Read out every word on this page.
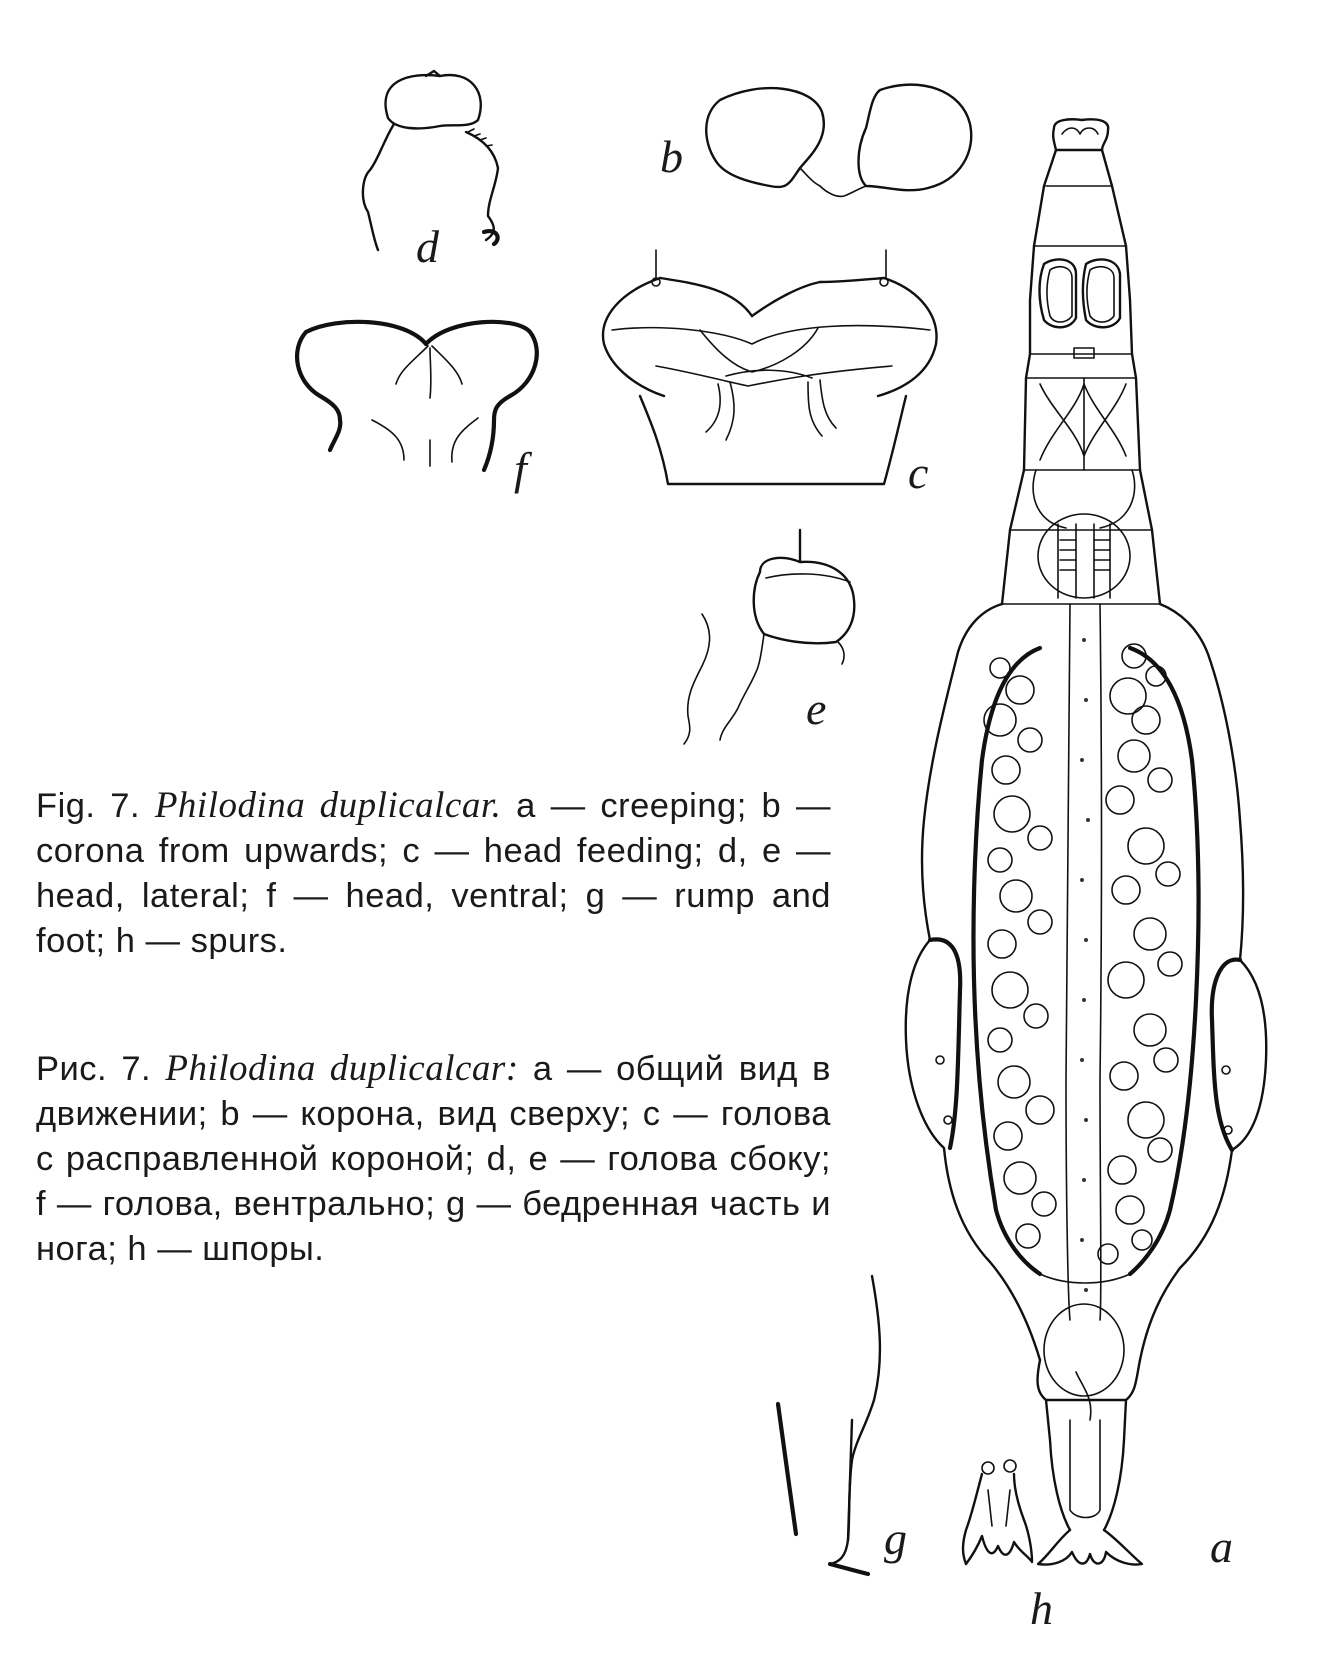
d
b
f	c
e
a
g
h
Fig. 7. Philodina duplicalcar. a — creeping; b — corona from upwards; c — head feeding; d, e — head, lateral; f — head, ventral; g — rump and foot; h — spurs.
Рис. 7. Philodina duplicalcar: a — общий вид в движении; b — корона, вид сверху; c — голова с расправленной короной; d, e — голова сбоку; f — голова, вентрально; g — бедренная часть и нога; h — шпоры.
